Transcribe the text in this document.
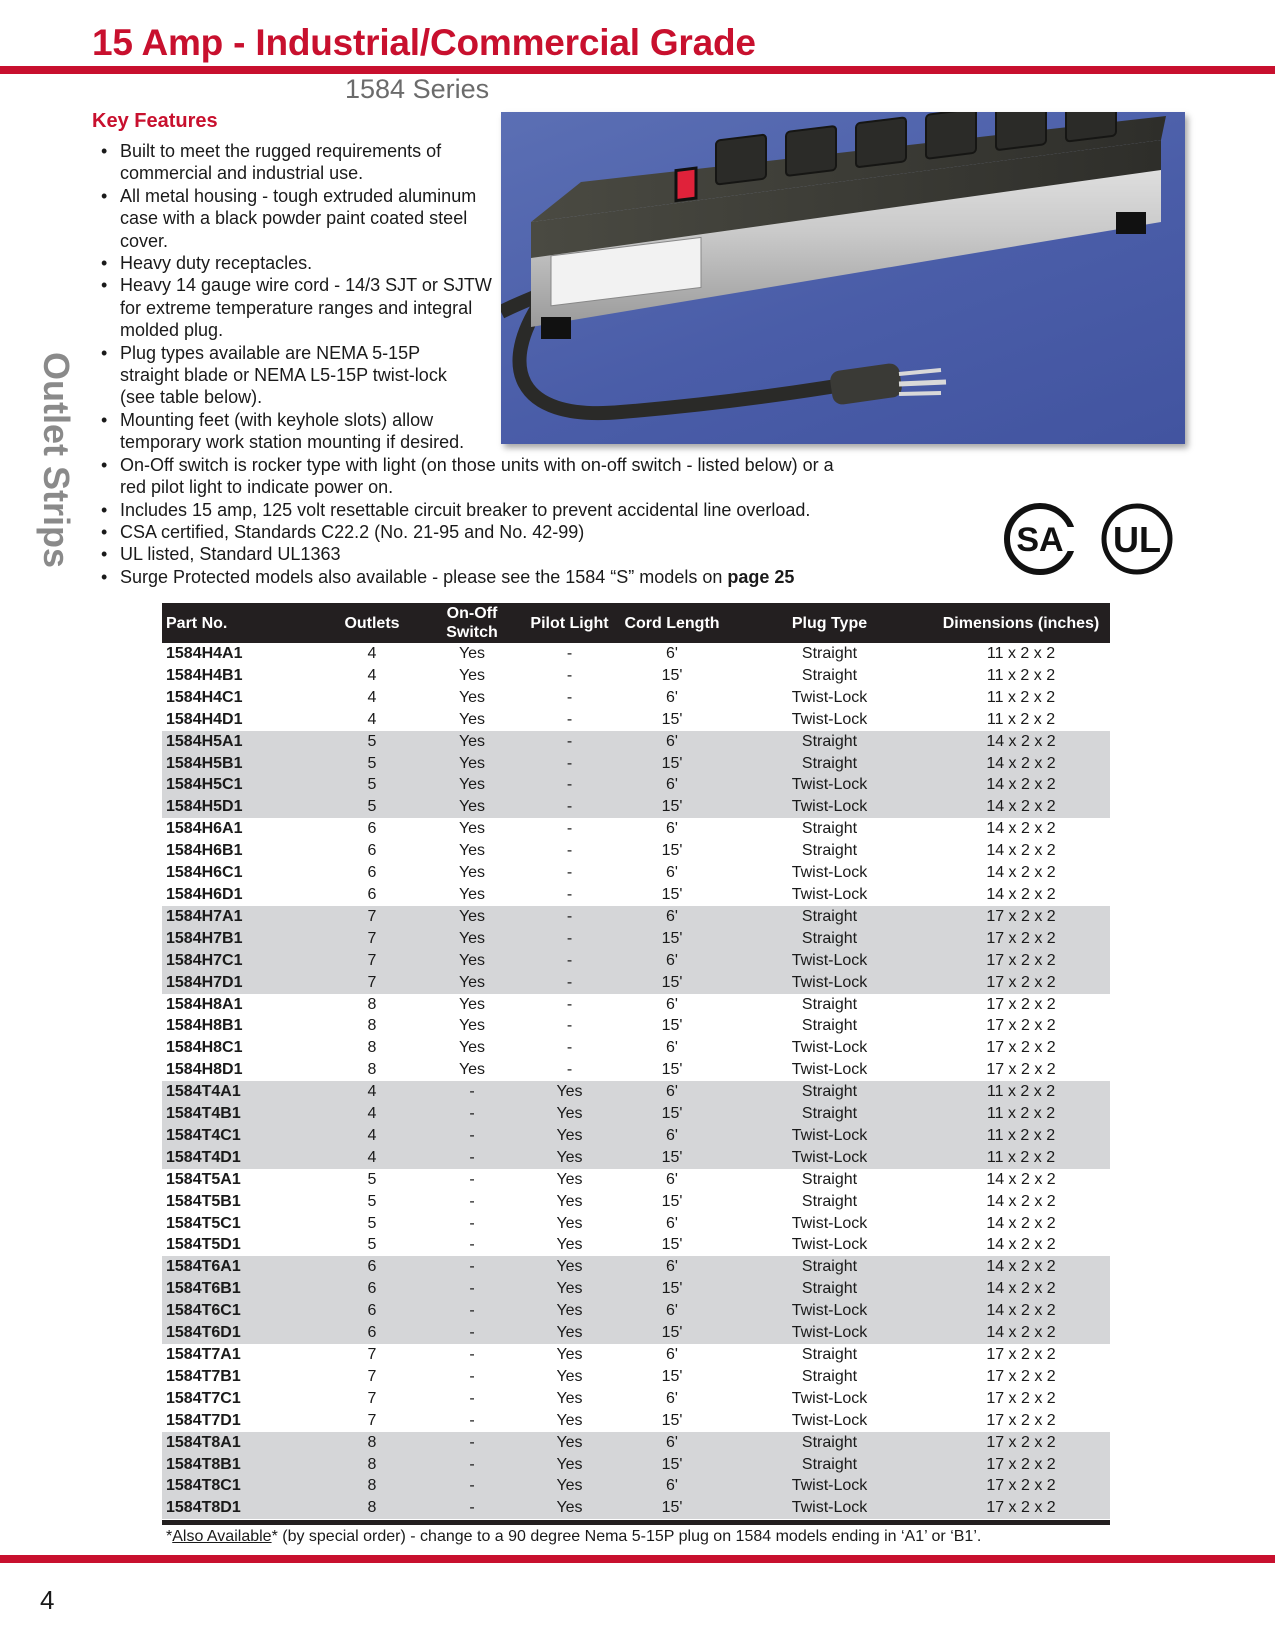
15 Amp - Industrial/Commercial Grade
1584 Series
Outlet Strips
Key Features
• Built to meet the rugged requirements of commercial and industrial use.
• All metal housing - tough extruded aluminum case with a black powder paint coated steel cover.
• Heavy duty receptacles.
• Heavy 14 gauge wire cord - 14/3 SJT or SJTW for extreme temperature ranges and integral molded plug.
• Plug types available are NEMA 5-15P straight blade or NEMA L5-15P twist-lock (see table below).
• Mounting feet (with keyhole slots) allow temporary work station mounting if desired.
• On-Off switch is rocker type with light (on those units with on-off switch - listed below) or a red pilot light to indicate power on.
• Includes 15 amp, 125 volt resettable circuit breaker to prevent accidental line overload.
• CSA certified, Standards C22.2 (No. 21-95 and No. 42-99)
• UL listed, Standard UL1363
• Surge Protected models also available - please see the 1584 “S” models on page 25
SA UL
Part No.	Outlets	On-Off Switch	Pilot Light	Cord Length	Plug Type	Dimensions (inches)
1584H4A1	4	Yes	-	6'	Straight	11 x 2 x 2
1584H4B1	4	Yes	-	15'	Straight	11 x 2 x 2
1584H4C1	4	Yes	-	6'	Twist-Lock	11 x 2 x 2
1584H4D1	4	Yes	-	15'	Twist-Lock	11 x 2 x 2
1584H5A1	5	Yes	-	6'	Straight	14 x 2 x 2
1584H5B1	5	Yes	-	15'	Straight	14 x 2 x 2
1584H5C1	5	Yes	-	6'	Twist-Lock	14 x 2 x 2
1584H5D1	5	Yes	-	15'	Twist-Lock	14 x 2 x 2
1584H6A1	6	Yes	-	6'	Straight	14 x 2 x 2
1584H6B1	6	Yes	-	15'	Straight	14 x 2 x 2
1584H6C1	6	Yes	-	6'	Twist-Lock	14 x 2 x 2
1584H6D1	6	Yes	-	15'	Twist-Lock	14 x 2 x 2
1584H7A1	7	Yes	-	6'	Straight	17 x 2 x 2
1584H7B1	7	Yes	-	15'	Straight	17 x 2 x 2
1584H7C1	7	Yes	-	6'	Twist-Lock	17 x 2 x 2
1584H7D1	7	Yes	-	15'	Twist-Lock	17 x 2 x 2
1584H8A1	8	Yes	-	6'	Straight	17 x 2 x 2
1584H8B1	8	Yes	-	15'	Straight	17 x 2 x 2
1584H8C1	8	Yes	-	6'	Twist-Lock	17 x 2 x 2
1584H8D1	8	Yes	-	15'	Twist-Lock	17 x 2 x 2
1584T4A1	4	-	Yes	6'	Straight	11 x 2 x 2
1584T4B1	4	-	Yes	15'	Straight	11 x 2 x 2
1584T4C1	4	-	Yes	6'	Twist-Lock	11 x 2 x 2
1584T4D1	4	-	Yes	15'	Twist-Lock	11 x 2 x 2
1584T5A1	5	-	Yes	6'	Straight	14 x 2 x 2
1584T5B1	5	-	Yes	15'	Straight	14 x 2 x 2
1584T5C1	5	-	Yes	6'	Twist-Lock	14 x 2 x 2
1584T5D1	5	-	Yes	15'	Twist-Lock	14 x 2 x 2
1584T6A1	6	-	Yes	6'	Straight	14 x 2 x 2
1584T6B1	6	-	Yes	15'	Straight	14 x 2 x 2
1584T6C1	6	-	Yes	6'	Twist-Lock	14 x 2 x 2
1584T6D1	6	-	Yes	15'	Twist-Lock	14 x 2 x 2
1584T7A1	7	-	Yes	6'	Straight	17 x 2 x 2
1584T7B1	7	-	Yes	15'	Straight	17 x 2 x 2
1584T7C1	7	-	Yes	6'	Twist-Lock	17 x 2 x 2
1584T7D1	7	-	Yes	15'	Twist-Lock	17 x 2 x 2
1584T8A1	8	-	Yes	6'	Straight	17 x 2 x 2
1584T8B1	8	-	Yes	15'	Straight	17 x 2 x 2
1584T8C1	8	-	Yes	6'	Twist-Lock	17 x 2 x 2
1584T8D1	8	-	Yes	15'	Twist-Lock	17 x 2 x 2
*Also Available* (by special order) - change to a 90 degree Nema 5-15P plug on 1584 models ending in ‘A1’ or ‘B1’.
4
